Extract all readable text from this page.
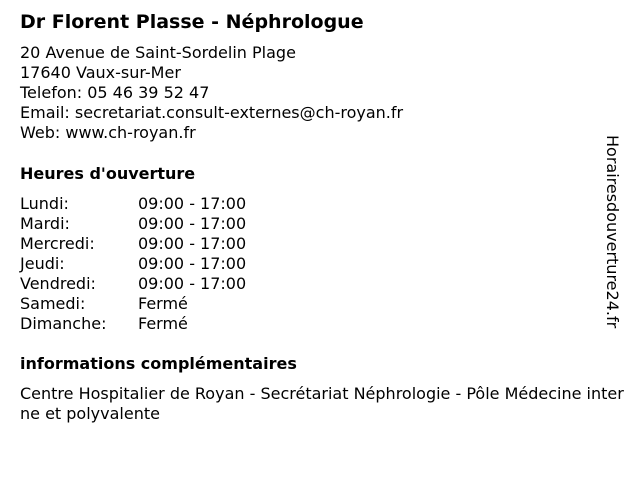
Dr Florent Plasse - Néphrologue
20 Avenue de Saint-Sordelin Plage
17640 Vaux-sur-Mer
Telefon: 05 46 39 52 47
Email: secretariat.consult-externes@ch-royan.fr
Web: www.ch-royan.fr
Heures d'ouverture
Lundi:	09:00 - 17:00
Mardi:	09:00 - 17:00
Mercredi:	09:00 - 17:00
Jeudi:	09:00 - 17:00
Vendredi:	09:00 - 17:00
Samedi:	Fermé
Dimanche:	Fermé
informations complémentaires
Centre Hospitalier de Royan - Secrétariat Néphrologie - Pôle Médecine interne et polyvalente
Horairesdouverture24.fr
